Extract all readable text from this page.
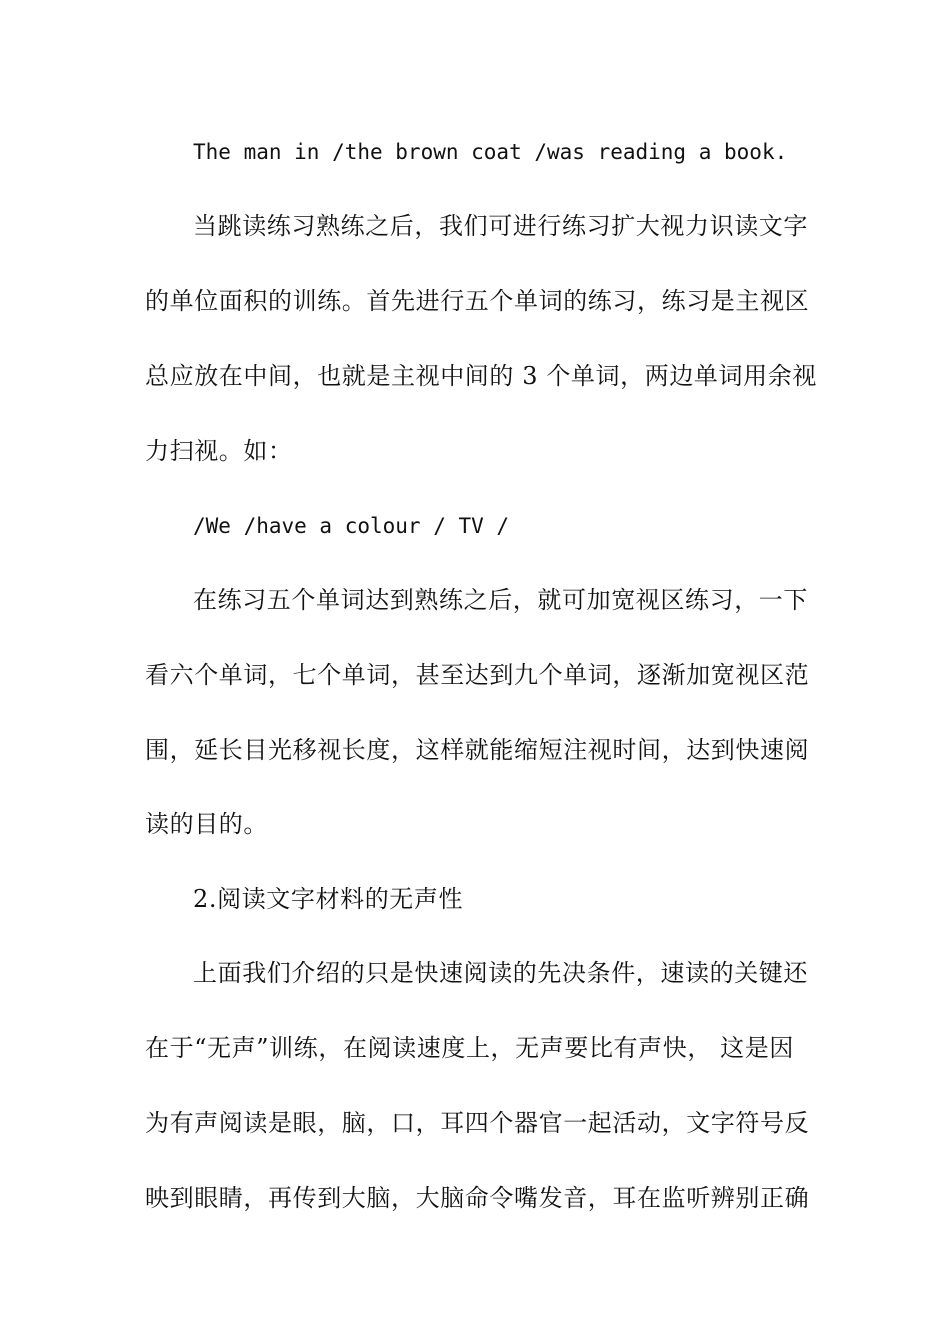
The man in /the brown coat /was reading a book.
当跳读练习熟练之后，我们可进行练习扩大视力识读文字
的单位面积的训练。首先进行五个单词的练习，练习是主视区
总应放在中间，也就是主视中间的 3 个单词，两边单词用余视
力扫视。如：
/We /have a colour / TV /
在练习五个单词达到熟练之后，就可加宽视区练习，一下
看六个单词，七个单词，甚至达到九个单词，逐渐加宽视区范
围，延长目光移视长度，这样就能缩短注视时间，达到快速阅
读的目的。
2.阅读文字材料的无声性
上面我们介绍的只是快速阅读的先决条件，速读的关键还
在于“无声”训练，在阅读速度上，无声要比有声快， 这是因
为有声阅读是眼，脑，口，耳四个器官一起活动，文字符号反
映到眼睛，再传到大脑，大脑命令嘴发音，耳在监听辨别正确
